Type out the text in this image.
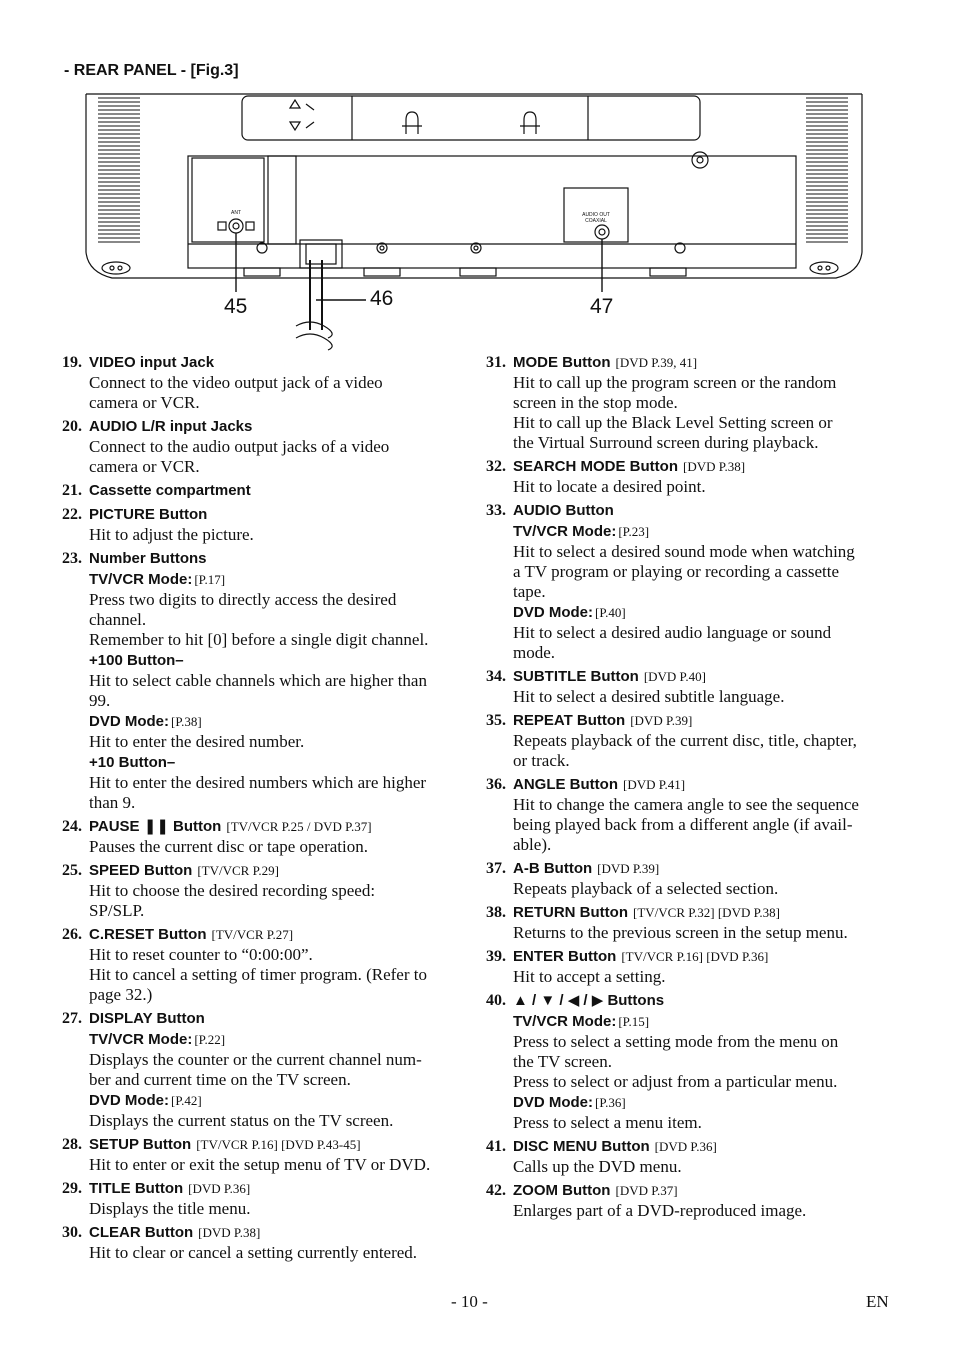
- REAR PANEL - [Fig.3]
ANT	AUDIO OUT
COAXIAL
45	46	47
19. VIDEO input Jack
Connect to the video output jack of a video
camera or VCR.
20. AUDIO L/R input Jacks
Connect to the audio output jacks of a video
camera or VCR.
21. Cassette compartment
22. PICTURE Button
Hit to adjust the picture.
23. Number Buttons
TV/VCR Mode: [P.17]
Press two digits to directly access the desired
channel.
Remember to hit [0] before a single digit channel.
+100 Button–
Hit to select cable channels which are higher than
99.
DVD Mode: [P.38]
Hit to enter the desired number.
+10 Button–
Hit to enter the desired numbers which are higher
than 9.
24. PAUSE ❚❚ Button [TV/VCR P.25 / DVD P.37]
Pauses the current disc or tape operation.
25. SPEED Button [TV/VCR P.29]
Hit to choose the desired recording speed:
SP/SLP.
26. C.RESET Button [TV/VCR P.27]
Hit to reset counter to “0:00:00”.
Hit to cancel a setting of timer program. (Refer to
page 32.)
27. DISPLAY Button
TV/VCR Mode: [P.22]
Displays the counter or the current channel num-
ber and current time on the TV screen.
DVD Mode: [P.42]
Displays the current status on the TV screen.
28. SETUP Button [TV/VCR P.16] [DVD P.43-45]
Hit to enter or exit the setup menu of TV or DVD.
29. TITLE Button [DVD P.36]
Displays the title menu.
30. CLEAR Button [DVD P.38]
Hit to clear or cancel a setting currently entered.
31. MODE Button [DVD P.39, 41]
Hit to call up the program screen or the random
screen in the stop mode.
Hit to call up the Black Level Setting screen or
the Virtual Surround screen during playback.
32. SEARCH MODE Button [DVD P.38]
Hit to locate a desired point.
33. AUDIO Button
TV/VCR Mode: [P.23]
Hit to select a desired sound mode when watching
a TV program or playing or recording a cassette
tape.
DVD Mode: [P.40]
Hit to select a desired audio language or sound
mode.
34. SUBTITLE Button [DVD P.40]
Hit to select a desired subtitle language.
35. REPEAT Button [DVD P.39]
Repeats playback of the current disc, title, chapter,
or track.
36. ANGLE Button [DVD P.41]
Hit to change the camera angle to see the sequence
being played back from a different angle (if avail-
able).
37. A-B Button [DVD P.39]
Repeats playback of a selected section.
38. RETURN Button [TV/VCR P.32] [DVD P.38]
Returns to the previous screen in the setup menu.
39. ENTER Button [TV/VCR P.16] [DVD P.36]
Hit to accept a setting.
40. ▲ / ▼ / ◀ / ▶ Buttons
TV/VCR Mode: [P.15]
Press to select a setting mode from the menu on
the TV screen.
Press to select or adjust from a particular menu.
DVD Mode: [P.36]
Press to select a menu item.
41. DISC MENU Button [DVD P.36]
Calls up the DVD menu.
42. ZOOM Button [DVD P.37]
Enlarges part of a DVD-reproduced image.
- 10 -	EN
